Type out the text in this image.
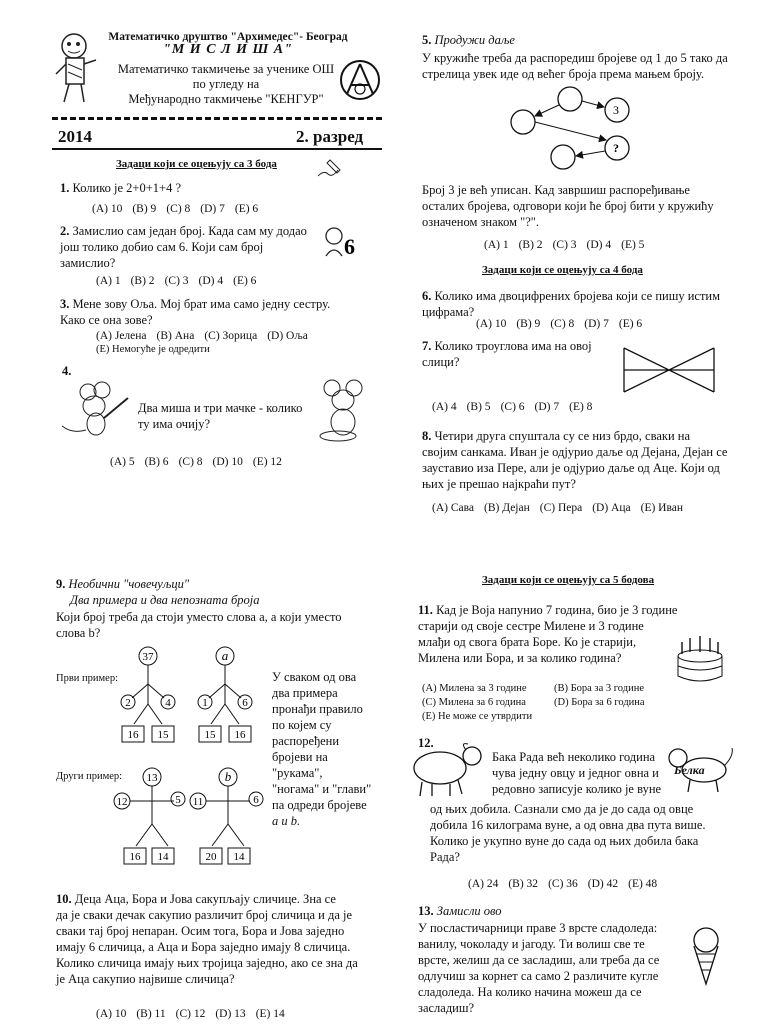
Математичко друштво "Архимедес"- Београд
"М И С Л И Ш А"
Математичко такмичење за ученике ОШ
по угледу на
Међународно такмичење "КЕНГУР"
2014	2. разред
Задаци који се оцењују са 3 бода
1. Колико је 2+0+1+4 ?
(A) 10 (B) 9 (C) 8 (D) 7 (E) 6
2. Замислио сам један број. Када сам му додао
још толико добио сам 6. Који сам број
замислио?
6
(A) 1 (B) 2 (C) 3 (D) 4 (E) 6
3. Мене зову Оља. Мој брат има само једну сестру.
Како се она зове?
(A) Јелена (B) Ана (C) Зорица (D) Оља
(E) Немогуће је одредити
4.
Два миша и три мачке - колико
ту има очију?
(A) 5 (B) 6 (C) 8 (D) 10 (E) 12
5. Продужи даље
У кружиће треба да распоредиш бројеве од 1 до 5 тако да
стрелица увек иде од већег броја према мањем броју.
3
?
Број 3 је већ уписан. Кад завршиш распоређивање
осталих бројева, одговори који ће број бити у кружићу
означеном знаком "?".
(A) 1 (B) 2 (C) 3 (D) 4 (E) 5
Задаци који се оцењују са 4 бода
6. Колико има двоцифрених бројева који се пишу истим
цифрама?
(A) 10 (B) 9 (C) 8 (D) 7 (E) 6
7. Колико троуглова има на овој
слици?
(A) 4 (B) 5 (C) 6 (D) 7 (E) 8
8. Четири друга спуштала су се низ брдо, сваки на
својим санкама. Иван је одјурио даље од Дејана, Дејан се
зауставио иза Пере, али је одјурио даље од Аце. Који од
њих је прешао најкраћи пут?
(A) Сава (B) Дејан (C) Пера (D) Аца (E) Иван
9. Необични "човечуљци"
Два примера и два непозната броја
Који број треба да стоји уместо слова a, а који уместо
слова b?
Први пример:
Други пример:
37
2	4
16 15
a
1	6
15 16
13
12	5
16 14
b
11	6
20 14
У сваком од ова
два примера
пронађи правило
по којем су
распоређени
бројеви на
"рукама",
"ногама" и "глави"
па одреди бројеве
a и b.
10. Деца Аца, Бора и Јова сакупљају сличице. Зна се
да је сваки дечак сакупио различит број сличица и да је
сваки тај број непаран. Осим тога, Бора и Јова заједно
имају 6 сличица, а Аца и Бора заједно имају 8 сличица.
Колико сличица имају њих тројица заједно, ако се зна да
је Аца сакупио највише сличица?
(A) 10 (B) 11 (C) 12 (D) 13 (E) 14
Задаци који се оцењују са 5 бодова
11. Кад је Воја напунио 7 година, био је 3 године
старији од своје сестре Милене и 3 године
млађи од свога брата Боре. Ко је старији,
Милена или Бора, и за колико година?
(A) Милена за 3 године	(B) Бора за 3 године
(C) Милена за 6 година	(D) Бора за 6 година
(E) Не може се утврдити
12.
Бака Рада већ неколико година
чува једну овцу и једног овна и
редовно записује колико је вуне
Белка
од њих добила. Сазнали смо да је до сада од овце
добила 16 килограма вуне, а од овна два пута више.
Колико је укупно вуне до сада од њих добила бака
Рада?
(A) 24 (B) 32 (C) 36 (D) 42 (E) 48
13. Замисли ово
У посластичарници праве 3 врсте сладоледа:
ванилу, чоколаду и јагоду. Ти волиш све те
врсте, желиш да се засладиш, али треба да се
одлучиш за корнет са само 2 различите кугле
сладоледа. На колико начина можеш да се
засладиш?
